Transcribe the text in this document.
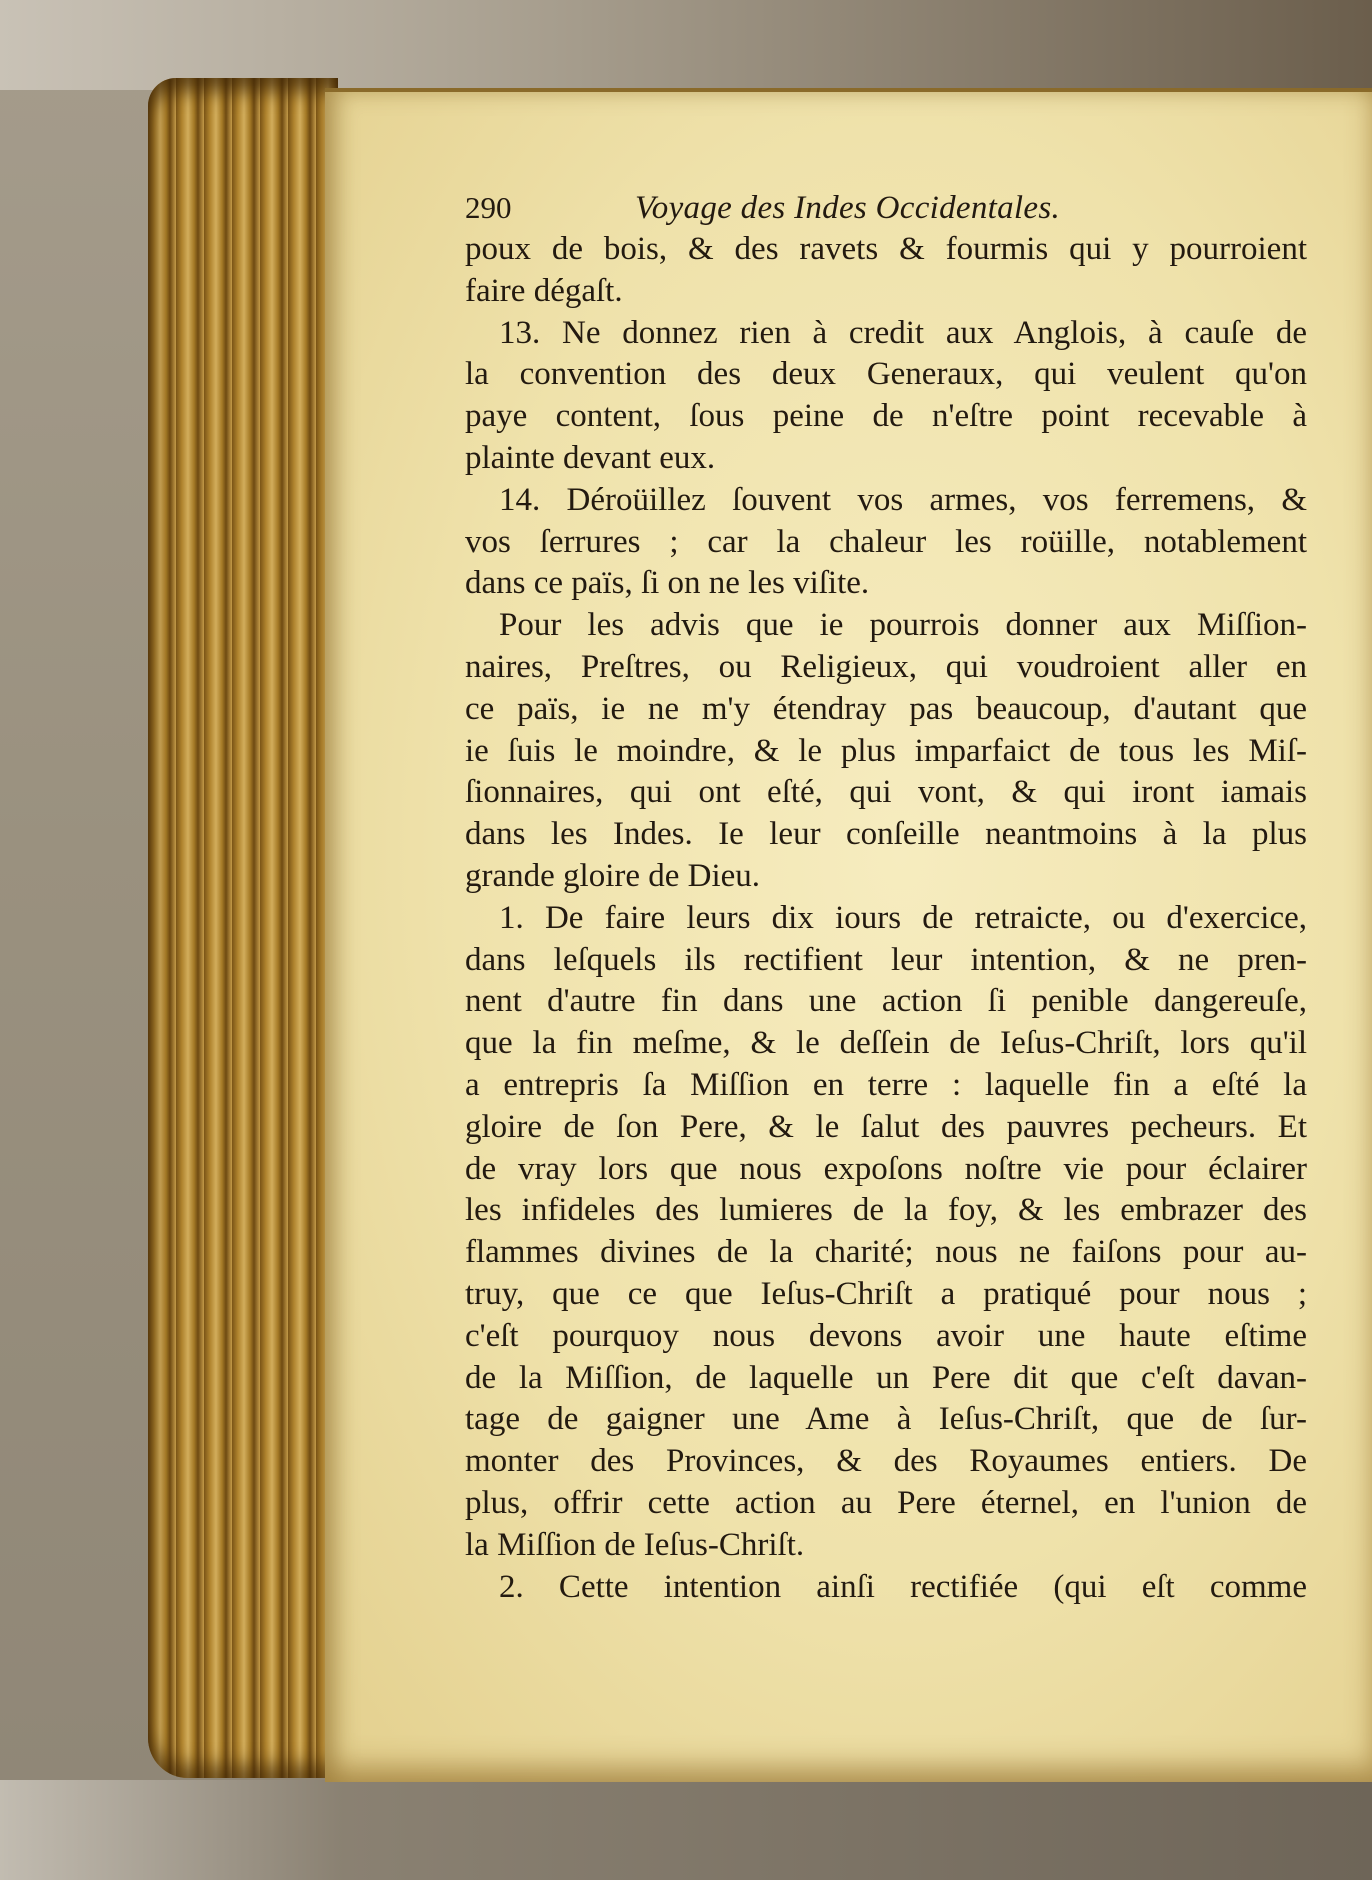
290	Voyage des Indes Occidentales.
poux de bois, & des ravets & fourmis qui y pourroient
faire dégaſt.
13. Ne donnez rien à credit aux Anglois, à cauſe de
la convention des deux Generaux, qui veulent qu'on
paye content, ſous peine de n'eſtre point recevable à
plainte devant eux.
14. Déroüillez ſouvent vos armes, vos ferremens, &
vos ſerrures ; car la chaleur les roüille, notablement
dans ce païs, ſi on ne les viſite.
Pour les advis que ie pourrois donner aux Miſſion-
naires, Preſtres, ou Religieux, qui voudroient aller en
ce païs, ie ne m'y étendray pas beaucoup, d'autant que
ie ſuis le moindre, & le plus imparfaict de tous les Miſ-
ſionnaires, qui ont eſté, qui vont, & qui iront iamais
dans les Indes. Ie leur conſeille neantmoins à la plus
grande gloire de Dieu.
1. De faire leurs dix iours de retraicte, ou d'exercice,
dans leſquels ils rectifient leur intention, & ne pren-
nent d'autre fin dans une action ſi penible dangereuſe,
que la fin meſme, & le deſſein de Ieſus-Chriſt, lors qu'il
a entrepris ſa Miſſion en terre : laquelle fin a eſté la
gloire de ſon Pere, & le ſalut des pauvres pecheurs. Et
de vray lors que nous expoſons noſtre vie pour éclairer
les infideles des lumieres de la foy, & les embrazer des
flammes divines de la charité; nous ne faiſons pour au-
truy, que ce que Ieſus-Chriſt a pratiqué pour nous ;
c'eſt pourquoy nous devons avoir une haute eſtime
de la Miſſion, de laquelle un Pere dit que c'eſt davan-
tage de gaigner une Ame à Ieſus-Chriſt, que de ſur-
monter des Provinces, & des Royaumes entiers. De
plus, offrir cette action au Pere éternel, en l'union de
la Miſſion de Ieſus-Chriſt.
2. Cette intention ainſi rectifiée (qui eſt comme
